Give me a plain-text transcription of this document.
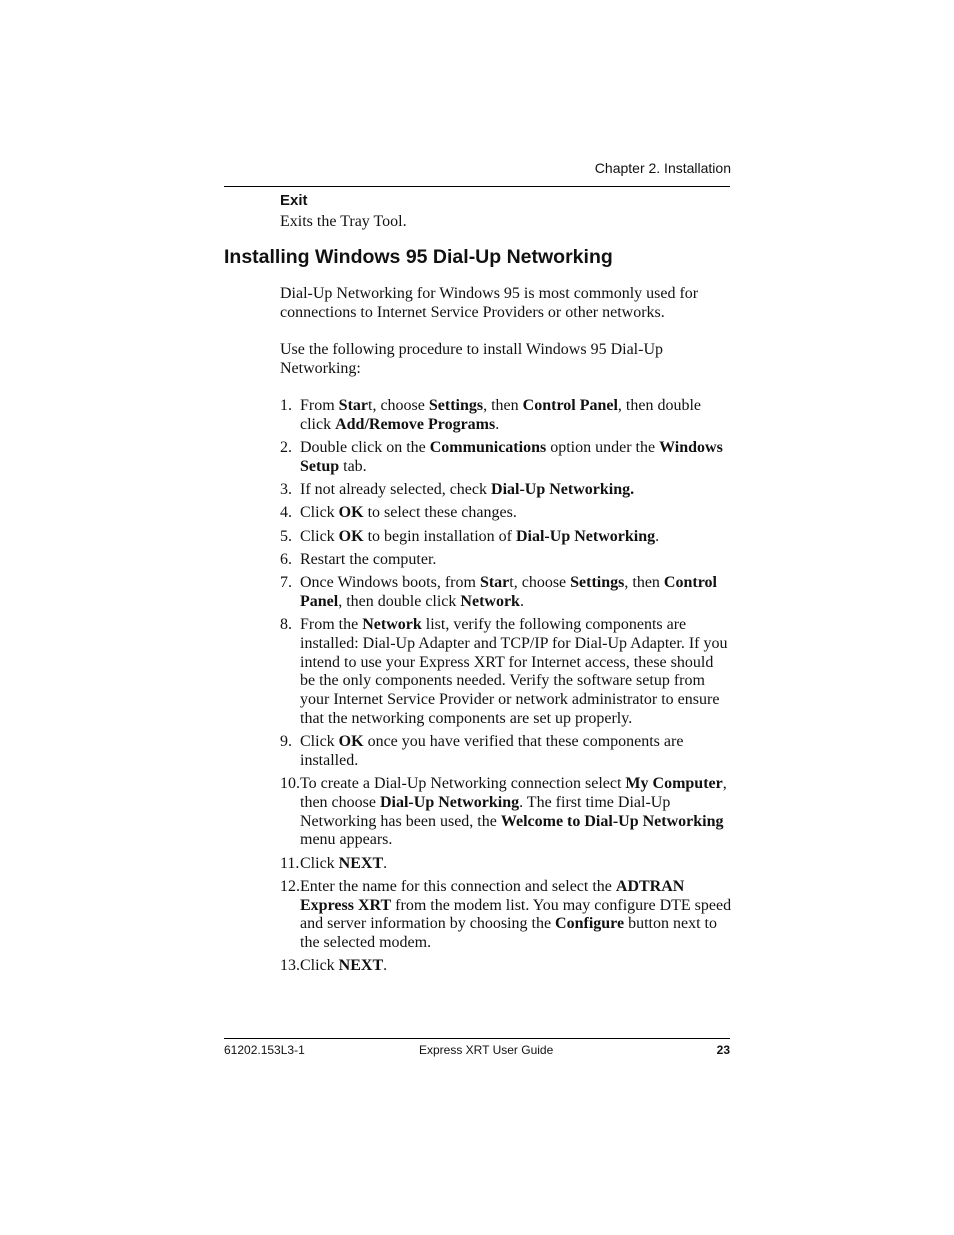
Chapter 2. Installation

Exit

Exits the Tray Tool.

Installing Windows 95 Dial-Up Networking

Dial-Up Networking for Windows 95 is most commonly used for connections to Internet Service Providers or other networks.

Use the following procedure to install Windows 95 Dial-Up Networking:

1. From Start, choose Settings, then Control Panel, then double click Add/Remove Programs.
2. Double click on the Communications option under the Windows Setup tab.
3. If not already selected, check Dial-Up Networking.
4. Click OK to select these changes.
5. Click OK to begin installation of Dial-Up Networking.
6. Restart the computer.
7. Once Windows boots, from Start, choose Settings, then Control Panel, then double click Network.
8. From the Network list, verify the following components are installed: Dial-Up Adapter and TCP/IP for Dial-Up Adapter. If you intend to use your Express XRT for Internet access, these should be the only components needed. Verify the software setup from your Internet Service Provider or network administrator to ensure that the networking components are set up properly.
9. Click OK once you have verified that these components are installed.
10. To create a Dial-Up Networking connection select My Computer, then choose Dial-Up Networking. The first time Dial-Up Networking has been used, the Welcome to Dial-Up Networking menu appears.
11. Click NEXT.
12. Enter the name for this connection and select the ADTRAN Express XRT from the modem list. You may configure DTE speed and server information by choosing the Configure button next to the selected modem.
13. Click NEXT.
61202.153L3-1	Express XRT User Guide	23
